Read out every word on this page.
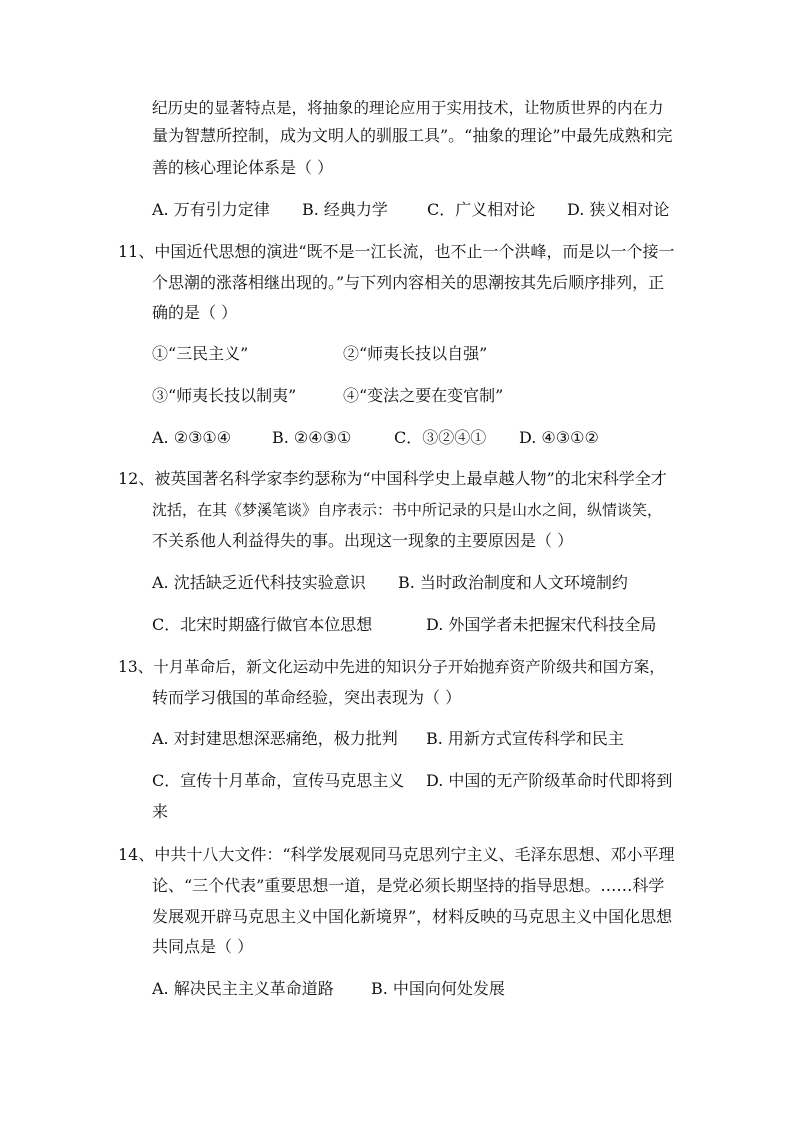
纪历史的显著特点是，将抽象的理论应用于实用技术，让物质世界的内在力
量为智慧所控制，成为文明人的驯服工具”。“抽象的理论”中最先成熟和完
善的核心理论体系是（ ）
A. 万有引力定律 B. 经典力学 C．广义相对论 D. 狭义相对论
11、中国近代思想的演进“既不是一江长流，也不止一个洪峰，而是以一个接一
个思潮的涨落相继出现的。”与下列内容相关的思潮按其先后顺序排列，正
确的是（ ）
①“三民主义”	②“师夷长技以自强”
③“师夷长技以制夷”	④“变法之要在变官制”
A. ②③①④	B. ②④③①	C．③②④① D. ④③①②
12、被英国著名科学家李约瑟称为“中国科学史上最卓越人物”的北宋科学全才
沈括，在其《梦溪笔谈》自序表示：书中所记录的只是山水之间，纵情谈笑，
不关系他人利益得失的事。出现这一现象的主要原因是（ ）
A. 沈括缺乏近代科技实验意识 B. 当时政治制度和人文环境制约
C．北宋时期盛行做官本位思想	D. 外国学者未把握宋代科技全局
13、十月革命后，新文化运动中先进的知识分子开始抛弃资产阶级共和国方案，
转而学习俄国的革命经验，突出表现为（ ）
A. 对封建思想深恶痛绝，极力批判 B. 用新方式宣传科学和民主
C．宣传十月革命，宣传马克思主义 D. 中国的无产阶级革命时代即将到
来
14、中共十八大文件：“科学发展观同马克思列宁主义、毛泽东思想、邓小平理
论、“三个代表”重要思想一道，是党必须长期坚持的指导思想。……科学
发展观开辟马克思主义中国化新境界”，材料反映的马克思主义中国化思想
共同点是（ ）
A. 解决民主主义革命道路 B. 中国向何处发展
